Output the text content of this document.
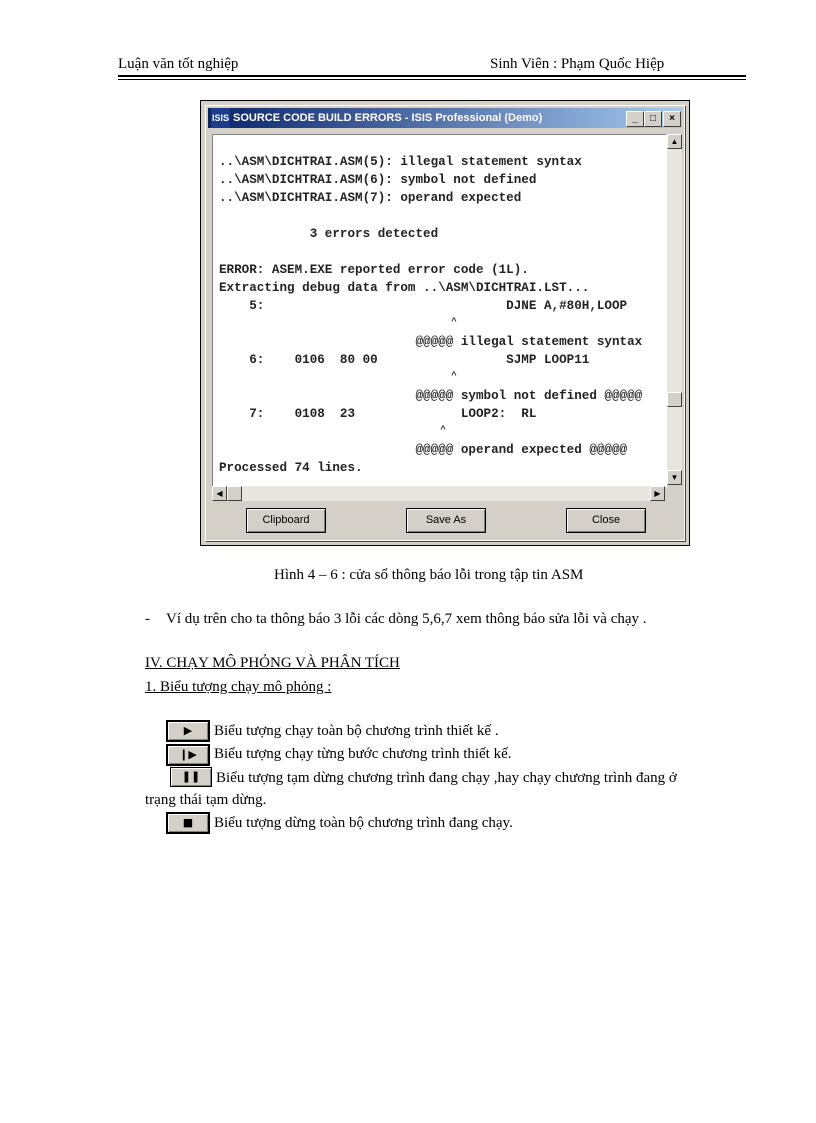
Luận văn tốt nghiệp	Sinh Viên : Phạm Quốc Hiệp
ISIS SOURCE CODE BUILD ERRORS - ISIS Professional (Demo)	_	□	×
..\ASM\DICHTRAI.ASM(5): illegal statement syntax
..\ASM\DICHTRAI.ASM(6): symbol not defined
..\ASM\DICHTRAI.ASM(7): operand expected
3 errors detected
ERROR: ASEM.EXE reported error code (1L).
Extracting debug data from ..\ASM\DICHTRAI.LST...
5:                                DJNE A,#80H,LOOP
^
@@@@@ illegal statement syntax
6:    0106  80 00                 SJMP LOOP11
^
@@@@@ symbol not defined @@@@@
7:    0108  23              LOOP2:  RL
^
@@@@@ operand expected @@@@@
Processed 74 lines.
▲
▼
◀	▶
Clipboard	Save As	Close
Hình 4 – 6 : cửa sổ thông báo lỗi trong tập tin ASM
- Ví dụ trên cho ta thông báo 3 lỗi các dòng 5,6,7 xem thông báo sửa lỗi và chạy .
IV. CHẠY MÔ PHỎNG VÀ PHÂN TÍCH
1. Biểu tượng chạy mô phỏng :
▶	Biểu tượng chạy toàn bộ chương trình thiết kế .
❙▶	Biểu tượng chạy từng bước chương trình thiết kế.
❚❚	Biểu tượng tạm dừng chương trình đang chạy ,hay chạy chương trình đang ở
trạng thái tạm dừng.
■	Biểu tượng dừng toàn bộ chương trình đang chạy.
